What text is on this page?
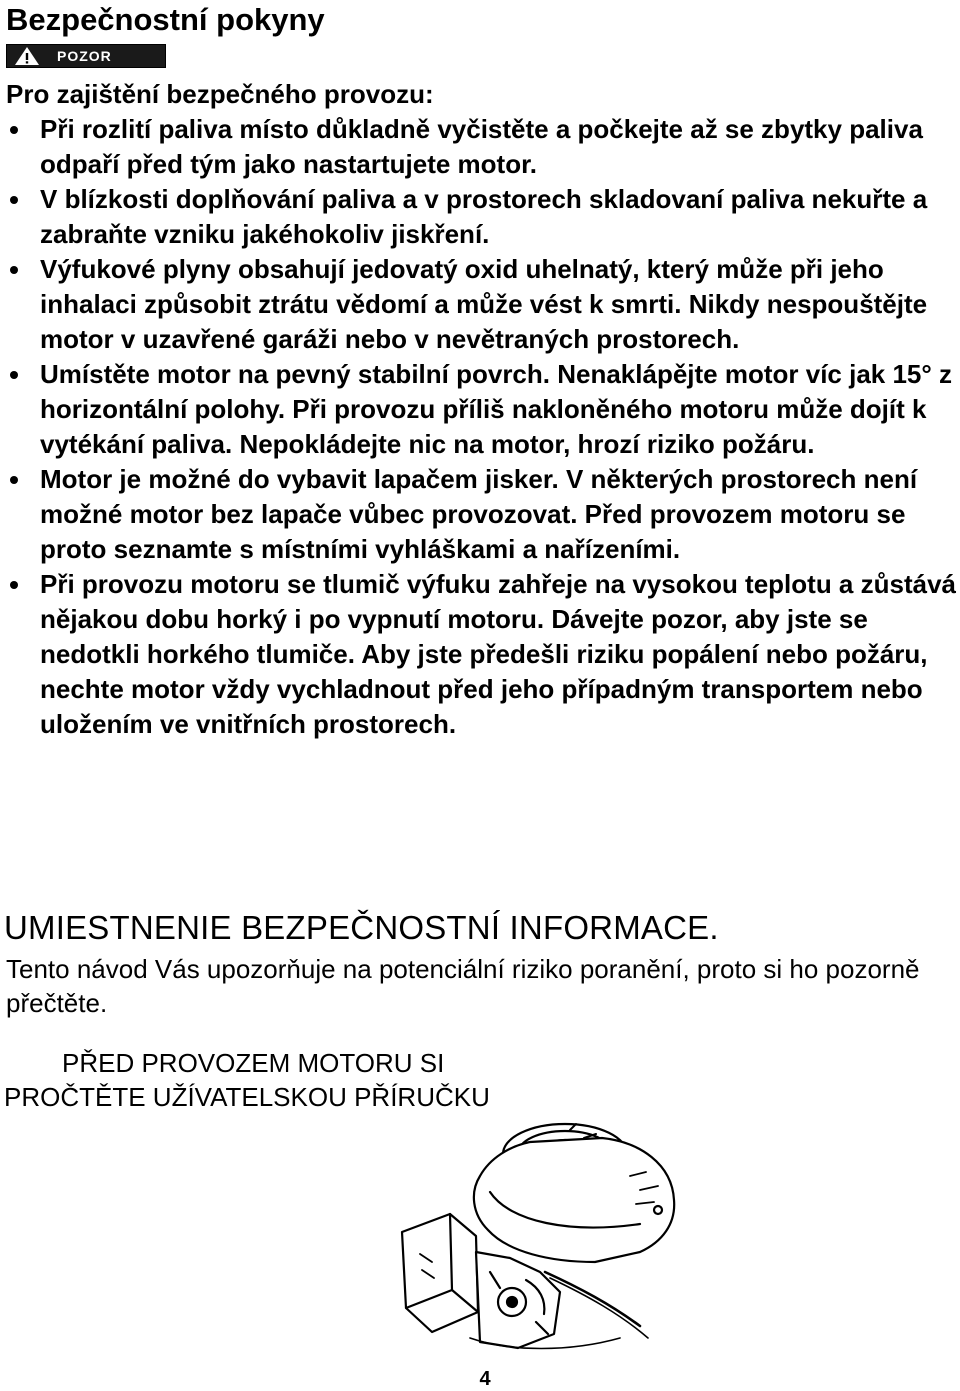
Bezpečnostní pokyny
POZOR
Pro zajištění bezpečného provozu:
Při rozlití paliva místo důkladně vyčistěte a počkejte až se zbytky paliva odpaří před tým jako nastartujete motor.
V blízkosti doplňování paliva a v prostorech skladovaní paliva nekuřte a zabraňte vzniku jakéhokoliv jiskření.
Výfukové plyny obsahují jedovatý oxid uhelnatý, který může při jeho inhalaci způsobit ztrátu vědomí a může vést k smrti. Nikdy nespouštějte motor v uzavřené garáži nebo v nevětraných prostorech.
Umístěte motor na pevný stabilní povrch. Nenaklápějte motor víc jak 15° z horizontální polohy. Při provozu příliš nakloněného motoru může dojít k vytékání paliva. Nepokládejte nic na motor, hrozí riziko požáru.
Motor je možné do vybavit lapačem jisker. V některých prostorech není možné motor bez lapače vůbec provozovat. Před provozem motoru se proto seznamte s místními vyhláškami a nařízeními.
Při provozu motoru se tlumič výfuku zahřeje na vysokou teplotu a zůstává nějakou dobu horký i po vypnutí motoru. Dávejte pozor, aby jste se nedotkli horkého tlumiče. Aby jste předešli riziku popálení nebo požáru, nechte motor vždy vychladnout před jeho případným transportem nebo uložením ve vnitřních prostorech.
UMIESTNENIE BEZPEČNOSTNÍ INFORMACE.
Tento návod Vás upozorňuje na potenciální riziko poranění, proto si ho pozorně přečtěte.
PŘED PROVOZEM MOTORU SI
PROČTĚTE UŽÍVATELSKOU PŘÍRUČKU
4
